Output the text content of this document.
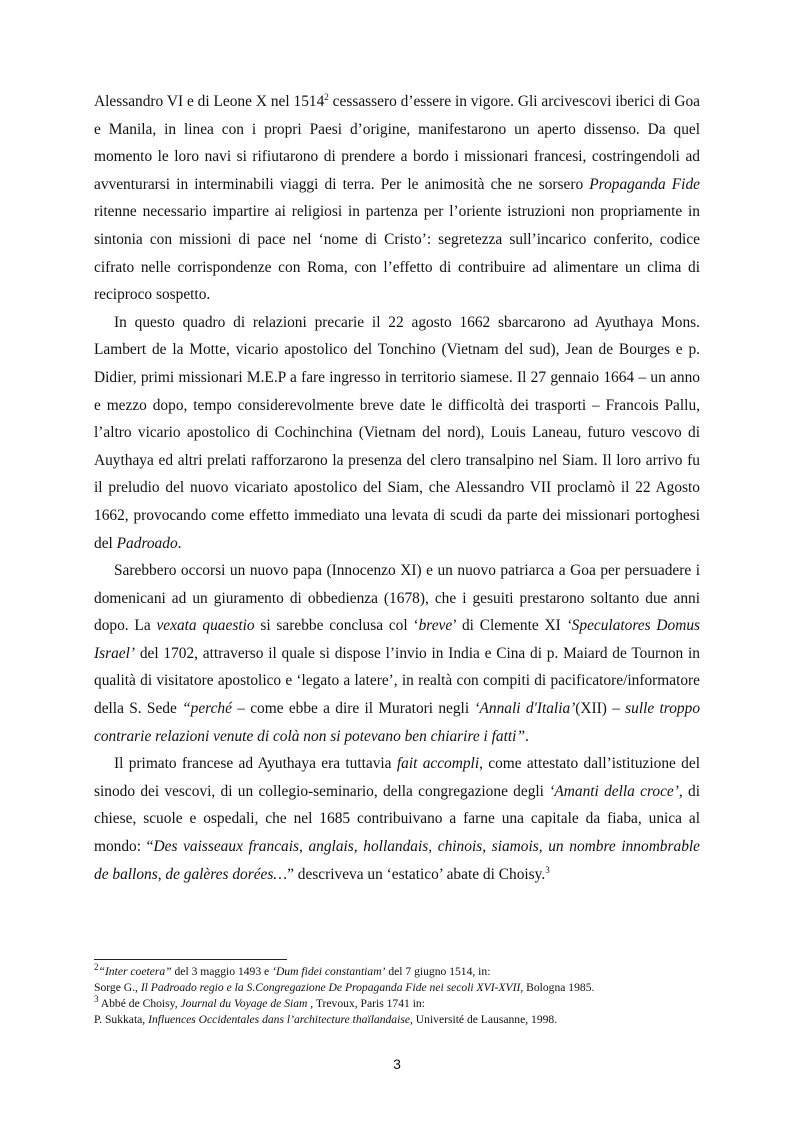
Alessandro VI e di Leone X nel 1514$^2$ cessassero d’essere in vigore. Gli arcivescovi iberici di Goa e Manila, in linea con i propri Paesi d’origine, manifestarono un aperto dissenso. Da quel momento le loro navi si rifiutarono di prendere a bordo i missionari francesi, costringendoli ad avventurarsi in interminabili viaggi di terra. Per le animosità che ne sorsero Propaganda Fide ritenne necessario impartire ai religiosi in partenza per l’oriente istruzioni non propriamente in sintonia con missioni di pace nel ‘nome di Cristo’: segretezza sull’incarico conferito, codice cifrato nelle corrispondenze con Roma, con l’effetto di contribuire ad alimentare un clima di reciproco sospetto.

In questo quadro di relazioni precarie il 22 agosto 1662 sbarcarono ad Ayuthaya Mons. Lambert de la Motte, vicario apostolico del Tonchino (Vietnam del sud), Jean de Bourges e p. Didier, primi missionari M.E.P a fare ingresso in territorio siamese. Il 27 gennaio 1664 – un anno e mezzo dopo, tempo considerevolmente breve date le difficoltà dei trasporti – Francois Pallu, l’altro vicario apostolico di Cochinchina (Vietnam del nord), Louis Laneau, futuro vescovo di Auythaya ed altri prelati rafforzarono la presenza del clero transalpino nel Siam. Il loro arrivo fu il preludio del nuovo vicariato apostolico del Siam, che Alessandro VII proclamò il 22 Agosto 1662, provocando come effetto immediato una levata di scudi da parte dei missionari portoghesi del Padroado.

Sarebbero occorsi un nuovo papa (Innocenzo XI) e un nuovo patriarca a Goa per persuadere i domenicani ad un giuramento di obbedienza (1678), che i gesuiti prestarono soltanto due anni dopo. La vexata quaestio si sarebbe conclusa col ‘breve’ di Clemente XI ‘Speculatores Domus Israel’ del 1702, attraverso il quale si dispose l’invio in India e Cina di p. Maiard de Tournon in qualità di visitatore apostolico e ‘legato a latere’, in realtà con compiti di pacificatore/informatore della S. Sede “perché – come ebbe a dire il Muratori negli ‘Annali d'Italia’(XII) – sulle troppo contrarie relazioni venute di colà non si potevano ben chiarire i fatti”.

Il primato francese ad Ayuthaya era tuttavia fait accompli, come attestato dall’istituzione del sinodo dei vescovi, di un collegio-seminario, della congregazione degli ‘Amanti della croce’, di chiese, scuole e ospedali, che nel 1685 contribuivano a farne una capitale da fiaba, unica al mondo: “Des vaisseaux francais, anglais, hollandais, chinois, siamois, un nombre innombrable de ballons, de galères dorées…” descriveva un ‘estatico’ abate di Choisy.$^3$

$^2$“Inter coetera” del 3 maggio 1493 e ‘Dum fidei constantiam’ del 7 giugno 1514, in:

Sorge G., Il Padroado regio e la S.Congregazione De Propaganda Fide nei secoli XVI-XVII, Bologna 1985.

$^3$ Abbé de Choisy, Journal du Voyage de Siam , Trevoux, Paris 1741 in:

P. Sukkata, Influences Occidentales dans l’architecture thaïlandaise, Université de Lausanne, 1998.

3
